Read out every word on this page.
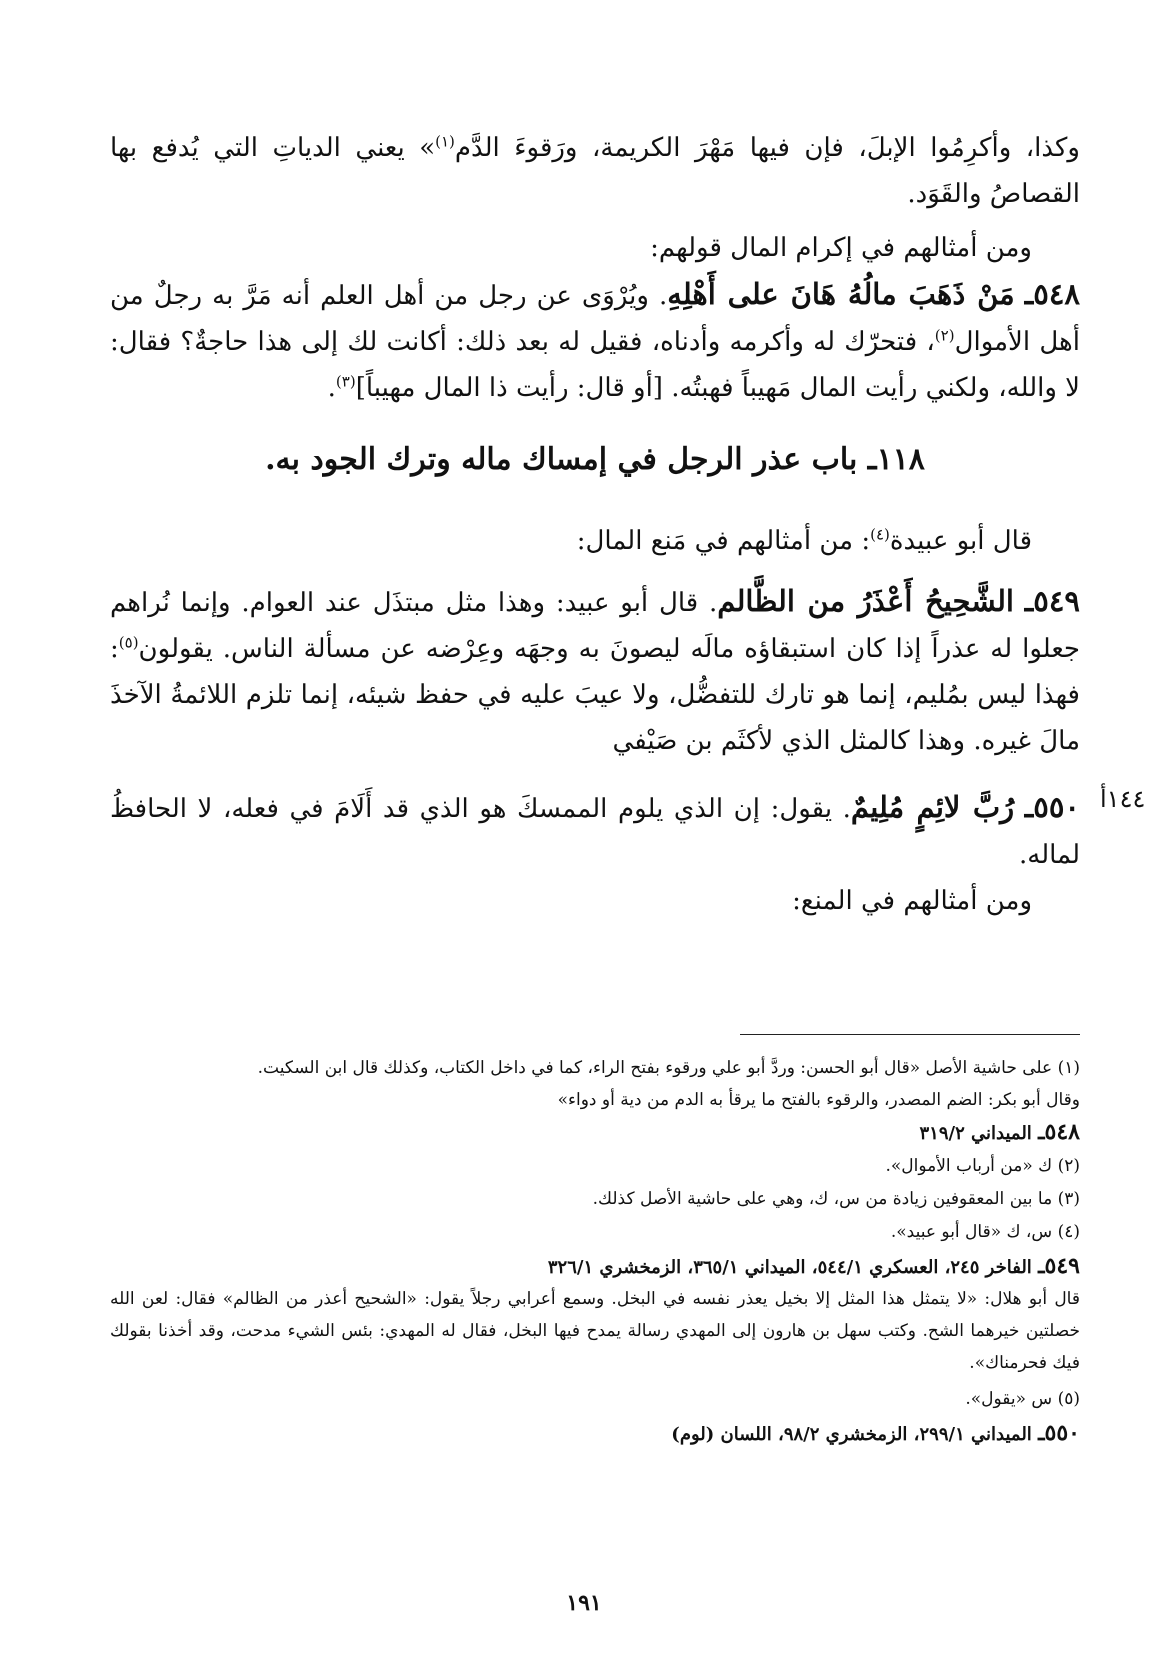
وكذا، وأكرِمُوا الإبلَ، فإن فيها مَهْرَ الكريمة، ورَقوءَ الدَّم$^{(١)}$» يعني الدياتِ التي يُدفع بها القصاصُ والقَوَد.

ومن أمثالهم في إكرام المال قولهم:

٥٤٨ـ مَنْ ذَهَبَ مالُهُ هَانَ على أَهْلِهِ. ويُرْوَى عن رجل من أهل العلم أنه مَرَّ به رجلٌ من أهل الأموال$^{(٢)}$، فتحرّك له وأكرمه وأدناه، فقيل له بعد ذلك: أكانت لك إلى هذا حاجةٌ؟ فقال: لا والله، ولكني رأيت المال مَهيباً فهبتُه. [أو قال: رأيت ذا المال مهيباً]$^{(٣)}$.

١١٨ـ باب عذر الرجل في إمساك ماله وترك الجود به.

قال أبو عبيدة$^{(٤)}$: من أمثالهم في مَنع المال:

٥٤٩ـ الشَّحِيحُ أَعْذَرُ من الظَّالم. قال أبو عبيد: وهذا مثل مبتذَل عند العوام. وإنما نُراهم جعلوا له عذراً إذا كان استبقاؤه مالَه ليصونَ به وجهَه وعِرْضه عن مسألة الناس. يقولون$^{(٥)}$: فهذا ليس بمُليم، إنما هو تارك للتفضُّل، ولا عيبَ عليه في حفظ شيئه، إنما تلزم اللائمةُ الآخذَ مالَ غيره. وهذا كالمثل الذي لأكثَم بن صَيْفي

٥٥٠ـ رُبَّ لائِمٍ مُلِيمٌ. يقول: إن الذي يلوم الممسكَ هو الذي قد أَلَامَ في فعله، لا الحافظُ لماله.

ومن أمثالهم في المنع:

١٤٤أ

(١) على حاشية الأصل «قال أبو الحسن: وردَّ أبو علي ورقوء بفتح الراء، كما في داخل الكتاب، وكذلك قال ابن السكيت.

وقال أبو بكر: الضم المصدر، والرقوء بالفتح ما يرقأ به الدم من دية أو دواء»

٥٤٨ـ الميداني ٣١٩/٢

(٢) ك «من أرباب الأموال».

(٣) ما بين المعقوفين زيادة من س، ك، وهي على حاشية الأصل كذلك.

(٤) س، ك «قال أبو عبيد».

٥٤٩ـ الفاخر ٢٤٥، العسكري ٥٤٤/١، الميداني ٣٦٥/١، الزمخشري ٣٢٦/١

قال أبو هلال: «لا يتمثل هذا المثل إلا بخيل يعذر نفسه في البخل. وسمع أعرابي رجلاً يقول: «الشحيح أعذر من الظالم» فقال: لعن الله خصلتين خيرهما الشح. وكتب سهل بن هارون إلى المهدي رسالة يمدح فيها البخل، فقال له المهدي: بئس الشيء مدحت، وقد أخذنا بقولك فيك فحرمناك».

(٥) س «يقول».

٥٥٠ـ الميداني ٢٩٩/١، الزمخشري ٩٨/٢، اللسان (لوم)

١٩١
